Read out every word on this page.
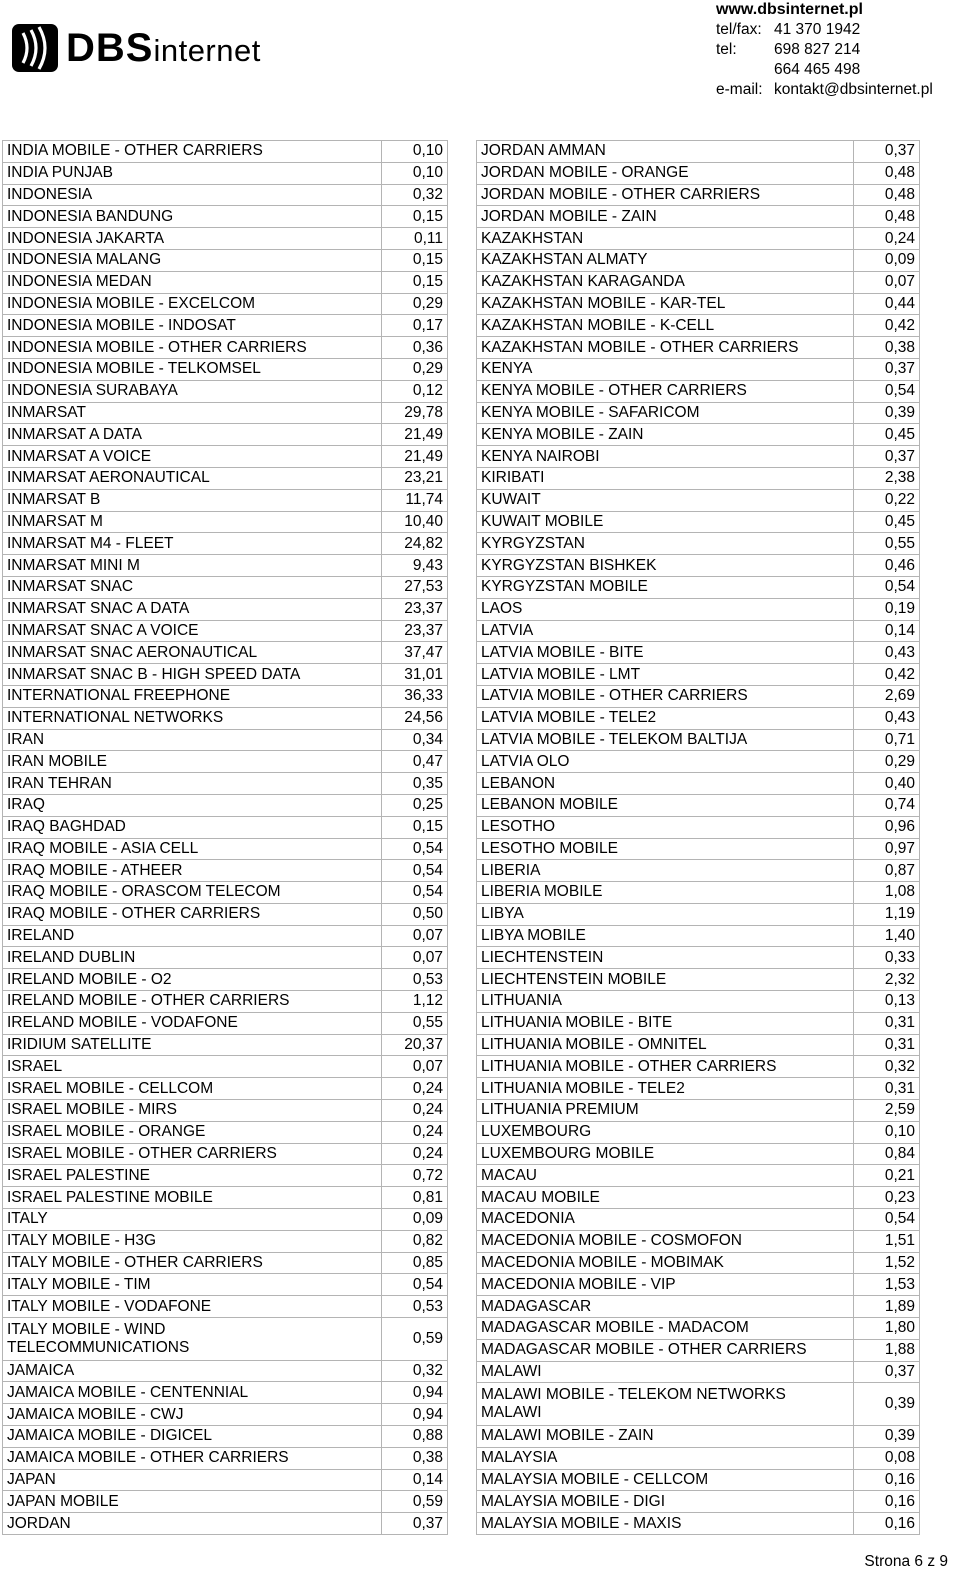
DBS internet
www.dbsinternet.pl
tel/fax: 41 370 1942
tel:	698 827 214
664 465 498
e-mail: kontakt@dbsinternet.pl
INDIA MOBILE - OTHER CARRIERS	0,10
INDIA PUNJAB	0,10
INDONESIA	0,32
INDONESIA BANDUNG	0,15
INDONESIA JAKARTA	0,11
INDONESIA MALANG	0,15
INDONESIA MEDAN	0,15
INDONESIA MOBILE - EXCELCOM	0,29
INDONESIA MOBILE - INDOSAT	0,17
INDONESIA MOBILE - OTHER CARRIERS	0,36
INDONESIA MOBILE - TELKOMSEL	0,29
INDONESIA SURABAYA	0,12
INMARSAT	29,78
INMARSAT A DATA	21,49
INMARSAT A VOICE	21,49
INMARSAT AERONAUTICAL	23,21
INMARSAT B	11,74
INMARSAT M	10,40
INMARSAT M4 - FLEET	24,82
INMARSAT MINI M	9,43
INMARSAT SNAC	27,53
INMARSAT SNAC A DATA	23,37
INMARSAT SNAC A VOICE	23,37
INMARSAT SNAC AERONAUTICAL	37,47
INMARSAT SNAC B - HIGH SPEED DATA	31,01
INTERNATIONAL FREEPHONE	36,33
INTERNATIONAL NETWORKS	24,56
IRAN	0,34
IRAN MOBILE	0,47
IRAN TEHRAN	0,35
IRAQ	0,25
IRAQ BAGHDAD	0,15
IRAQ MOBILE - ASIA CELL	0,54
IRAQ MOBILE - ATHEER	0,54
IRAQ MOBILE - ORASCOM TELECOM	0,54
IRAQ MOBILE - OTHER CARRIERS	0,50
IRELAND	0,07
IRELAND DUBLIN	0,07
IRELAND MOBILE - O2	0,53
IRELAND MOBILE - OTHER CARRIERS	1,12
IRELAND MOBILE - VODAFONE	0,55
IRIDIUM SATELLITE	20,37
ISRAEL	0,07
ISRAEL MOBILE - CELLCOM	0,24
ISRAEL MOBILE - MIRS	0,24
ISRAEL MOBILE - ORANGE	0,24
ISRAEL MOBILE - OTHER CARRIERS	0,24
ISRAEL PALESTINE	0,72
ISRAEL PALESTINE MOBILE	0,81
ITALY	0,09
ITALY MOBILE - H3G	0,82
ITALY MOBILE - OTHER CARRIERS	0,85
ITALY MOBILE - TIM	0,54
ITALY MOBILE - VODAFONE	0,53
ITALY MOBILE - WIND
TELECOMMUNICATIONS	0,59
JAMAICA	0,32
JAMAICA MOBILE - CENTENNIAL	0,94
JAMAICA MOBILE - CWJ	0,94
JAMAICA MOBILE - DIGICEL	0,88
JAMAICA MOBILE - OTHER CARRIERS	0,38
JAPAN	0,14
JAPAN MOBILE	0,59
JORDAN	0,37
JORDAN AMMAN	0,37
JORDAN MOBILE - ORANGE	0,48
JORDAN MOBILE - OTHER CARRIERS	0,48
JORDAN MOBILE - ZAIN	0,48
KAZAKHSTAN	0,24
KAZAKHSTAN ALMATY	0,09
KAZAKHSTAN KARAGANDA	0,07
KAZAKHSTAN MOBILE - KAR-TEL	0,44
KAZAKHSTAN MOBILE - K-CELL	0,42
KAZAKHSTAN MOBILE - OTHER CARRIERS	0,38
KENYA	0,37
KENYA MOBILE - OTHER CARRIERS	0,54
KENYA MOBILE - SAFARICOM	0,39
KENYA MOBILE - ZAIN	0,45
KENYA NAIROBI	0,37
KIRIBATI	2,38
KUWAIT	0,22
KUWAIT MOBILE	0,45
KYRGYZSTAN	0,55
KYRGYZSTAN BISHKEK	0,46
KYRGYZSTAN MOBILE	0,54
LAOS	0,19
LATVIA	0,14
LATVIA MOBILE - BITE	0,43
LATVIA MOBILE - LMT	0,42
LATVIA MOBILE - OTHER CARRIERS	2,69
LATVIA MOBILE - TELE2	0,43
LATVIA MOBILE - TELEKOM BALTIJA	0,71
LATVIA OLO	0,29
LEBANON	0,40
LEBANON MOBILE	0,74
LESOTHO	0,96
LESOTHO MOBILE	0,97
LIBERIA	0,87
LIBERIA MOBILE	1,08
LIBYA	1,19
LIBYA MOBILE	1,40
LIECHTENSTEIN	0,33
LIECHTENSTEIN MOBILE	2,32
LITHUANIA	0,13
LITHUANIA MOBILE - BITE	0,31
LITHUANIA MOBILE - OMNITEL	0,31
LITHUANIA MOBILE - OTHER CARRIERS	0,32
LITHUANIA MOBILE - TELE2	0,31
LITHUANIA PREMIUM	2,59
LUXEMBOURG	0,10
LUXEMBOURG MOBILE	0,84
MACAU	0,21
MACAU MOBILE	0,23
MACEDONIA	0,54
MACEDONIA MOBILE - COSMOFON	1,51
MACEDONIA MOBILE - MOBIMAK	1,52
MACEDONIA MOBILE - VIP	1,53
MADAGASCAR	1,89
MADAGASCAR MOBILE - MADACOM	1,80
MADAGASCAR MOBILE - OTHER CARRIERS	1,88
MALAWI	0,37
MALAWI MOBILE - TELEKOM NETWORKS
MALAWI	0,39
MALAWI MOBILE - ZAIN	0,39
MALAYSIA	0,08
MALAYSIA MOBILE - CELLCOM	0,16
MALAYSIA MOBILE - DIGI	0,16
MALAYSIA MOBILE - MAXIS	0,16
Strona 6 z 9
